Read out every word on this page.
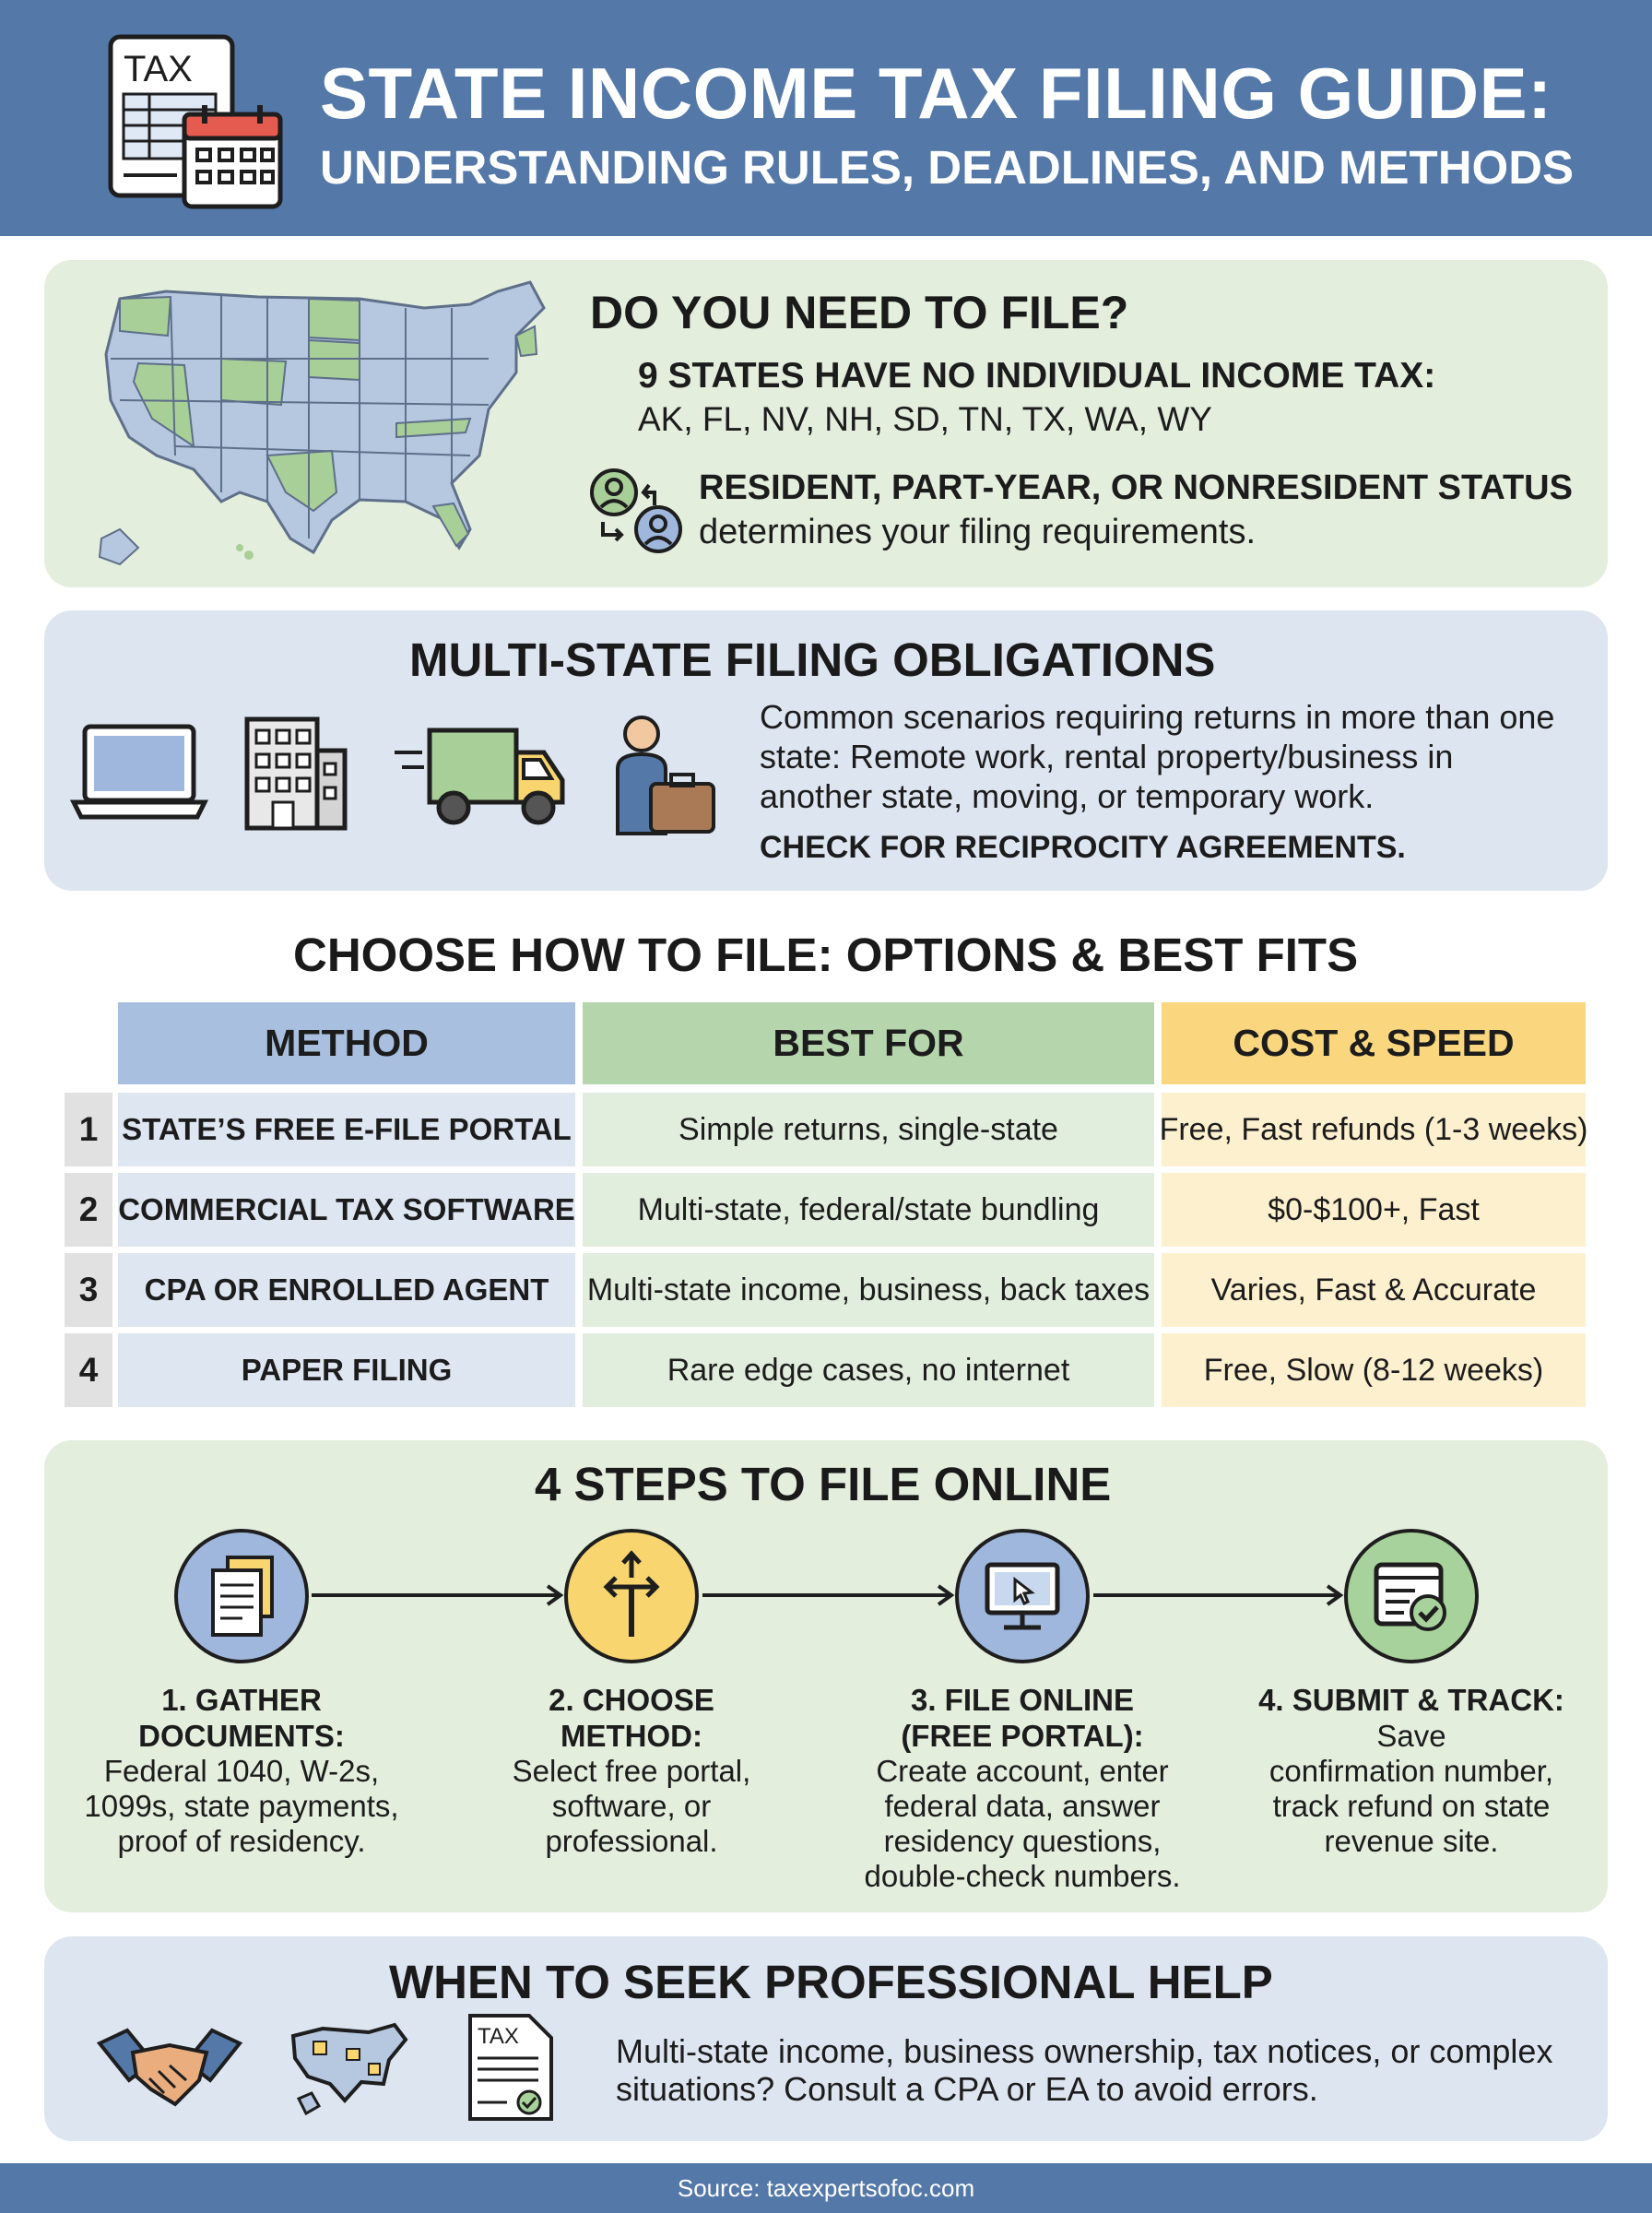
TAX STATE INCOME TAX FILING GUIDE:
UNDERSTANDING RULES, DEADLINES, AND METHODS
DO YOU NEED TO FILE?
9 STATES HAVE NO INDIVIDUAL INCOME TAX:
AK, FL, NV, NH, SD, TN, TX, WA, WY
RESIDENT, PART-YEAR, OR NONRESIDENT STATUS
determines your filing requirements.
MULTI-STATE FILING OBLIGATIONS
Common scenarios requiring returns in more than one
state: Remote work, rental property/business in
another state, moving, or temporary work.
CHECK FOR RECIPROCITY AGREEMENTS.
CHOOSE HOW TO FILE: OPTIONS & BEST FITS
METHOD	BEST FOR	COST & SPEED
1 STATE’S FREE E-FILE PORTAL	Simple returns, single-state	Free, Fast refunds (1-3 weeks)
2 COMMERCIAL TAX SOFTWARE	Multi-state, federal/state bundling	$0-$100+, Fast
3	CPA OR ENROLLED AGENT	Multi-state income, business, back taxes	Varies, Fast & Accurate
4	PAPER FILING	Rare edge cases, no internet	Free, Slow (8-12 weeks)
4 STEPS TO FILE ONLINE
1. GATHER
DOCUMENTS:
Federal 1040, W-2s,
1099s, state payments,
proof of residency.
2. CHOOSE METHOD:
Select free portal,
software, or
professional.
3. FILE ONLINE
(FREE PORTAL):
Create account, enter
federal data, answer
residency questions,
double-check numbers.
4. SUBMIT & TRACK:
Save
confirmation number,
track refund on state
revenue site.
WHEN TO SEEK PROFESSIONAL HELP
TAX	Multi-state income, business ownership, tax notices, or complex
situations? Consult a CPA or EA to avoid errors.
Source: taxexpertsofoc.com
